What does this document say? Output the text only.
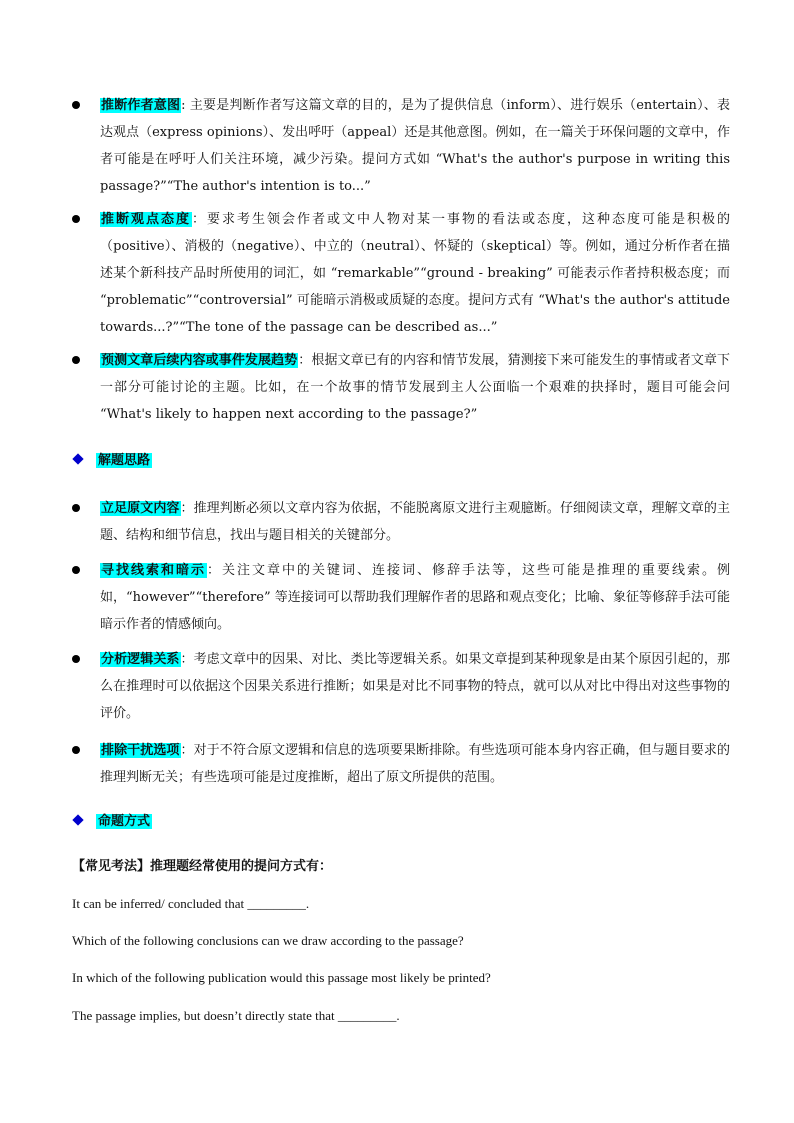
推断作者意图: 主要是判断作者写这篇文章的目的，是为了提供信息（inform）、进行娱乐（entertain）、表达观点（express opinions）、发出呼吁（appeal）还是其他意图。例如，在一篇关于环保问题的文章中，作者可能是在呼吁人们关注环境，减少污染。提问方式如 “What's the author's purpose in writing this passage?”“The author's intention is to...”
推断观点态度：要求考生领会作者或文中人物对某一事物的看法或态度，这种态度可能是积极的（positive）、消极的（negative）、中立的（neutral）、怀疑的（skeptical）等。例如，通过分析作者在描述某个新科技产品时所使用的词汇，如 “remarkable”“ground - breaking” 可能表示作者持积极态度；而 “problematic”“controversial” 可能暗示消极或质疑的态度。提问方式有 “What's the author's attitude towards...?”“The tone of the passage can be described as...”
预测文章后续内容或事件发展趋势：根据文章已有的内容和情节发展，猜测接下来可能发生的事情或者文章下一部分可能讨论的主题。比如，在一个故事的情节发展到主人公面临一个艰难的抉择时，题目可能会问 “What's likely to happen next according to the passage?”
解题思路
立足原文内容：推理判断必须以文章内容为依据，不能脱离原文进行主观臆断。仔细阅读文章，理解文章的主题、结构和细节信息，找出与题目相关的关键部分。
寻找线索和暗示：关注文章中的关键词、连接词、修辞手法等，这些可能是推理的重要线索。例如，“however”“therefore” 等连接词可以帮助我们理解作者的思路和观点变化；比喻、象征等修辞手法可能暗示作者的情感倾向。
分析逻辑关系：考虑文章中的因果、对比、类比等逻辑关系。如果文章提到某种现象是由某个原因引起的，那么在推理时可以依据这个因果关系进行推断；如果是对比不同事物的特点，就可以从对比中得出对这些事物的评价。
排除干扰选项：对于不符合原文逻辑和信息的选项要果断排除。有些选项可能本身内容正确，但与题目要求的推理判断无关；有些选项可能是过度推断，超出了原文所提供的范围。
命题方式
【常见考法】推理题经常使用的提问方式有：
It can be inferred/ concluded that _________.
Which of the following conclusions can we draw according to the passage?
In which of the following publication would this passage most likely be printed?
The passage implies, but doesn’t directly state that _________.
